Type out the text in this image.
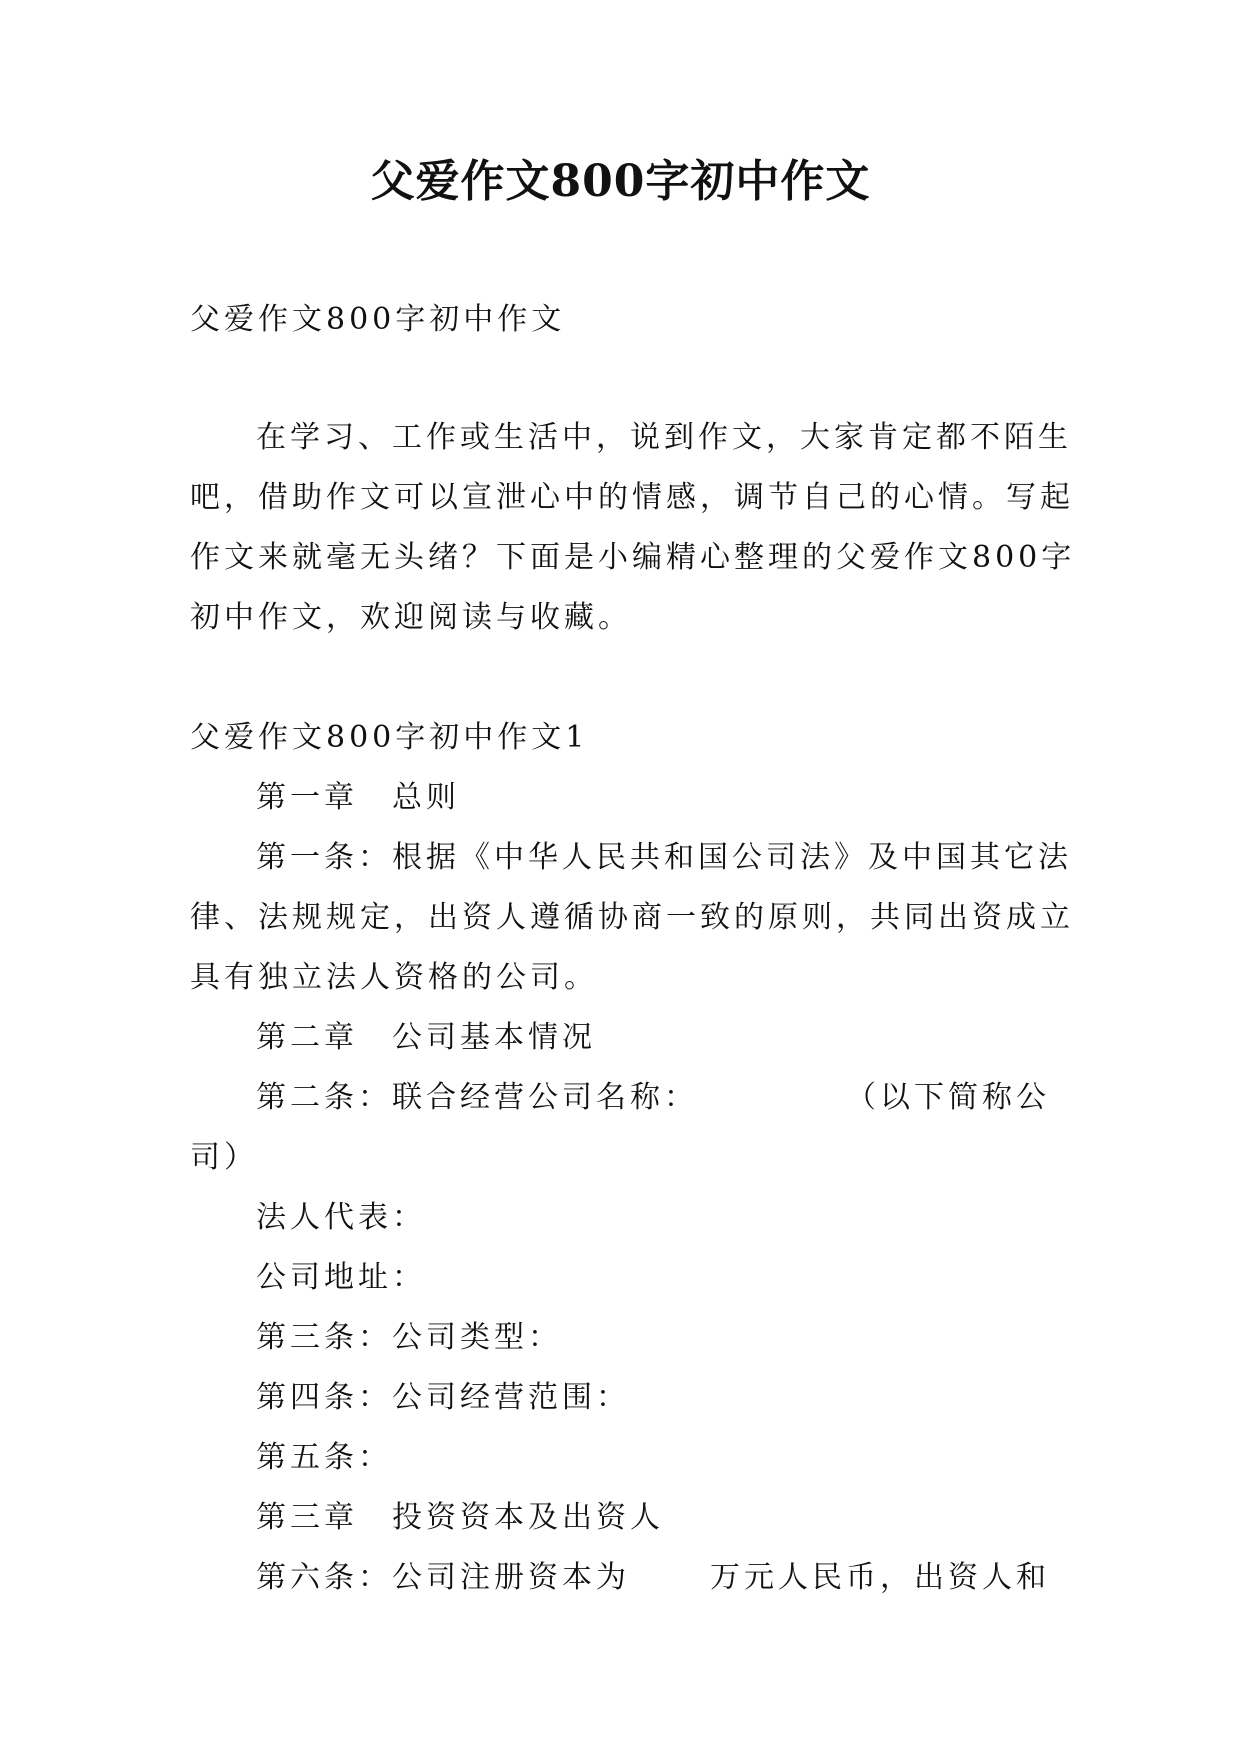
父爱作文800字初中作文
父爱作文800字初中作文
在学习、工作或生活中，说到作文，大家肯定都不陌生
吧，借助作文可以宣泄心中的情感，调节自己的心情。写起
作文来就毫无头绪？下面是小编精心整理的父爱作文800字
初中作文，欢迎阅读与收藏。
父爱作文800字初中作文1
第一章　总则
第一条：根据《中华人民共和国公司法》及中国其它法
律、法规规定，出资人遵循协商一致的原则，共同出资成立
具有独立法人资格的公司。
第二章　公司基本情况
第二条：联合经营公司名称：	（以下简称公
司）
法人代表：
公司地址：
第三条：公司类型：
第四条：公司经营范围：
第五条：
第三章　投资资本及出资人
第六条：公司注册资本为	万元人民币，出资人和
